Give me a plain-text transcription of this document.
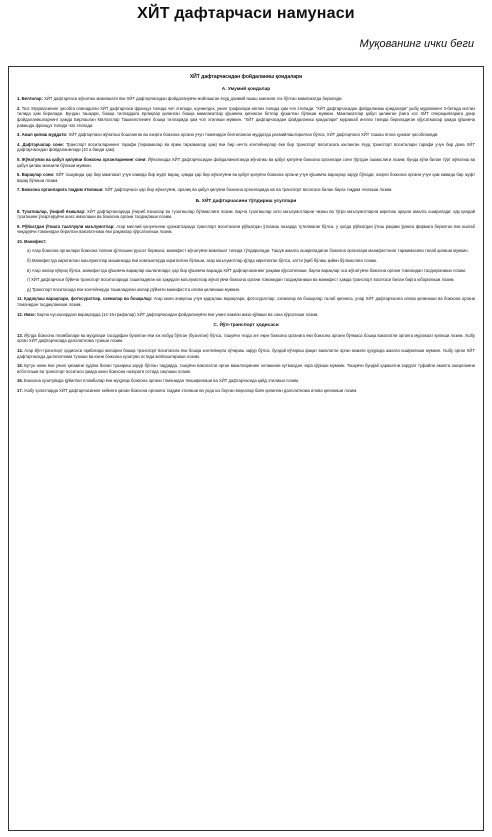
ХЙТ дафтарчаси намунаси
Муқованинг ички беги
ХЙТ дафтарчасидан фойдаланиш қоидалари
А. Умумий қоидалар

1. Белгилар: ХЙТ дафтарчаси жўнатиш мамлакати ёки ХЙТ дафтарчасидан фойдаланувчи жойлашган ёхуд доимий яшаш манзили эга бўлган мамлакатда берилади.

2. Тил: Муқовасининг ҳисобга олинадиган ХЙТ дафтарчаси француз тилида чоп этилади, шунингдек, унинг графалари инглиз тилида ҳам чоп этилади. "ХЙТ дафтарчасидан фойдаланиш қоидалари" ушбу муқованинг 3-бетида инглиз тилида ҳам берилади. Бундан ташқари, бошқа тиллардага ёрлиқлар қилинган бошқа мамлакатлар қўшимча қилинган бетлар қўшилган бўлиши мумкин. Мамлакатлар қабул қилинган ўзига хос ХЙТ операцияларига доир фойдаланишларнинг ҳамда Бирлашган Миллатлар Ташкилотининг бошқа тилларида ҳам чоп этилиши мумкин. "ХЙТ дафтарчасидан фойдаланиш қоидалари" мураккаб инглиз тилида бериладиган кўрсатмалар ҳамда қўшимча равишда француз тилида чоп этилади.

3. Амал қилиш муддати: ХЙТ дафтарчаси жўнатиш бошланган ва охирги божхона органи учун томонидан белгиланган муддатда расмийлаштирилган бўлса, ХЙТ дафтарчаси ХЙТ ташиш ягона ҳужжат ҳисобланади.

4. Дафтарчалар сони: Транспорт воситаларининг тарафи (тиркамалар ва ярим тиркамалар ҳам) ёки бир нечта контейнерлар ёки бир транспорт воситасига юкланган ёхуд транспорт воситалари тарафи учун бир дона ХЙТ дафтарчасидан фойдаланилади (10 а банди ҳам).

5. Жўнатувчи ва қабул қилувчи божхона органларининг сони: Йўналишда ХЙТ дафтарчасидан фойдаланилганда жўнатиш ва қабул қилувчи божхона органлари сони тўртдан ошмаслиги лозим; бунда кўпи билан тўрт жўнатиш ва қабул қилиш манзили бўлиши мумкин.

6. Варақлар сони: ХЙТ ташувида ҳар бир мамлакат учун камида бир жуфт варақ, ҳамда ҳар бир жўнатувчи ва қабул қилувчи божхона органи учун қўшимча варақлар зарур бўлади; охирги божхона органи учун ҳам камида бир жуфт варақ бўлиши лозим.

7. Божхона органларига тақдим этилиши: ХЙТ дафтарчаси ҳар бир жўнатувчи, оралиқ ва қабул қилувчи божхона органларида юк ва транспорт воситаси билан бирга тақдим этилиши лозим.

Б. ХЙТ дафтарчасини тўлдириш усуллари

8. Тузатишлар, ўчириб ёзишлар: ХЙТ дафтарчаларида ўчириб ёзишлар ва тузатишлар бўлмаслиги лозим. Барча тузатишлар хато маълумотларни чизиш ва тўғри маълумотларни киритиш орқали амалга оширилади; ҳар қандай тузатишни ўзгартирувчи шахс имзолаши ва божхона органи тасдиқлаши лозим.

9. Рўйхатдан ўтишга тааллуқли маълумотлар: Агар миллий қонунчилик ҳужжатларида транспорт воситасини рўйхатдан ўтказиш назарда тутилмаган бўлса, у ҳолда рўйхатдан ўтиш рақами ўрнига фирмага берилган ёки ишлаб чиқарувчи томонидан берилган ваколатнома ёки рақамлар кўрсатилиши лозим.

10. Манифест:

а) Агар божхона органлари божхона тилини қўллашни рухсат бермаса, манифест жўнатувчи мамлакат тилида тўлдирилади. Ташув амалга ошириладиган божхона органлари манифестнинг таржимасини талаб қилиши мумкин.

б) Манифестда киритилган маълумотлар машинкада ёки компьютерда киритилган бўлиши, агар маълумотлар қўлда киритилган бўлса, хатти ўқиб бўлиш қийин бўлмаслиги лозим.

в) Агар юклар кўпроқ бўлса, манифестда қўшимча варақлар ишлатилади; ҳар бир қўшимча варақда ХЙТ дафтарчасининг рақами кўрсатилиши, барча варақлар эса жўнатувчи божхона органи томонидан тасдиқланиши лозим.

г) ХЙТ дафтарчаси бўйича транспорт воситаларида ташиладиган юк ҳақидаги маълумотлар жўнатувчи божхона органи томонидан тасдиқланиши ва манифест ҳамда транспорт воситаси билан бирга юборилиши лозим.

д) Транспорт воситасида ёки контейнерда ташиладиган юклар рўйхати манифестга илова қилиниши мумкин.

11. Қадоқлаш варақлари, фотосуратлар, схемалар ва бошқалар: Агар юкни аниқлаш учун қадоқлаш варақлари, фотосуратлар, схемалар ва бошқалар талаб қилинса, улар ХЙТ дафтарчасига илова қилиниши ва божхона органи томонидан тасдиқланиши лозим.

12. Имзо: Барча нусхалардаги варақларда (14-15-графалар) ХЙТ дафтарчасидан фойдаланувчи ёки унинг вакили имзо қўйиши ва сана кўрсатиши лозим.

С. Йўл-транспорт ҳодисаси

13. Йўлда божхона пломбалари ва муҳрлари тасодифан бузилган ёки юк нобуд бўлган (бузилган) бўлса, ташувчи тезда энг яқин божхона органига ёки божхона органи бўлмаса бошқа ваколатли органга мурожаат қилиши лозим. Ушбу орган ХЙТ дафтарчасида далолатнома тузиши лозим.

14. Агар йўл-транспорт ҳодисаси оқибатида юкларни бошқа транспорт воситасига ёки бошқа контейнерга кўчириш зарур бўлса, бундай кўчириш фақат ваколатли орган вакили ҳузурида амалга оширилиши мумкин. Ушбу орган ХЙТ дафтарчасида далолатнома тузиши ва юкни божхона кузатуви остида жойлаштириши лозим.

15. Бутун юкни ёки унинг қисмини зудлик билан тушириш зарур бўлган тақдирда, ташувчи ваколатли орган вакилларининг келишини кутмасдан чора кўриши мумкин. Ташувчи бундай ҳаракатни зарурат туфайли амалга оширганини исботлаши ва транспорт воситаси ҳамда юкни божхона назорати остида сақлаши лозим.

16. Божхона кузатувида қўйилган пломбалар ёки муҳрлар божхона органи томонидан текширилиши ва ХЙТ дафтарчасида қайд этилиши лозим.

17. Ушбу ҳолатларда ХЙТ дафтарчасининг кейинги қисми божхона органига тақдим этилиши ва унда юз берган воқеалар баён қилинган далолатнома илова қилиниши лозим.
